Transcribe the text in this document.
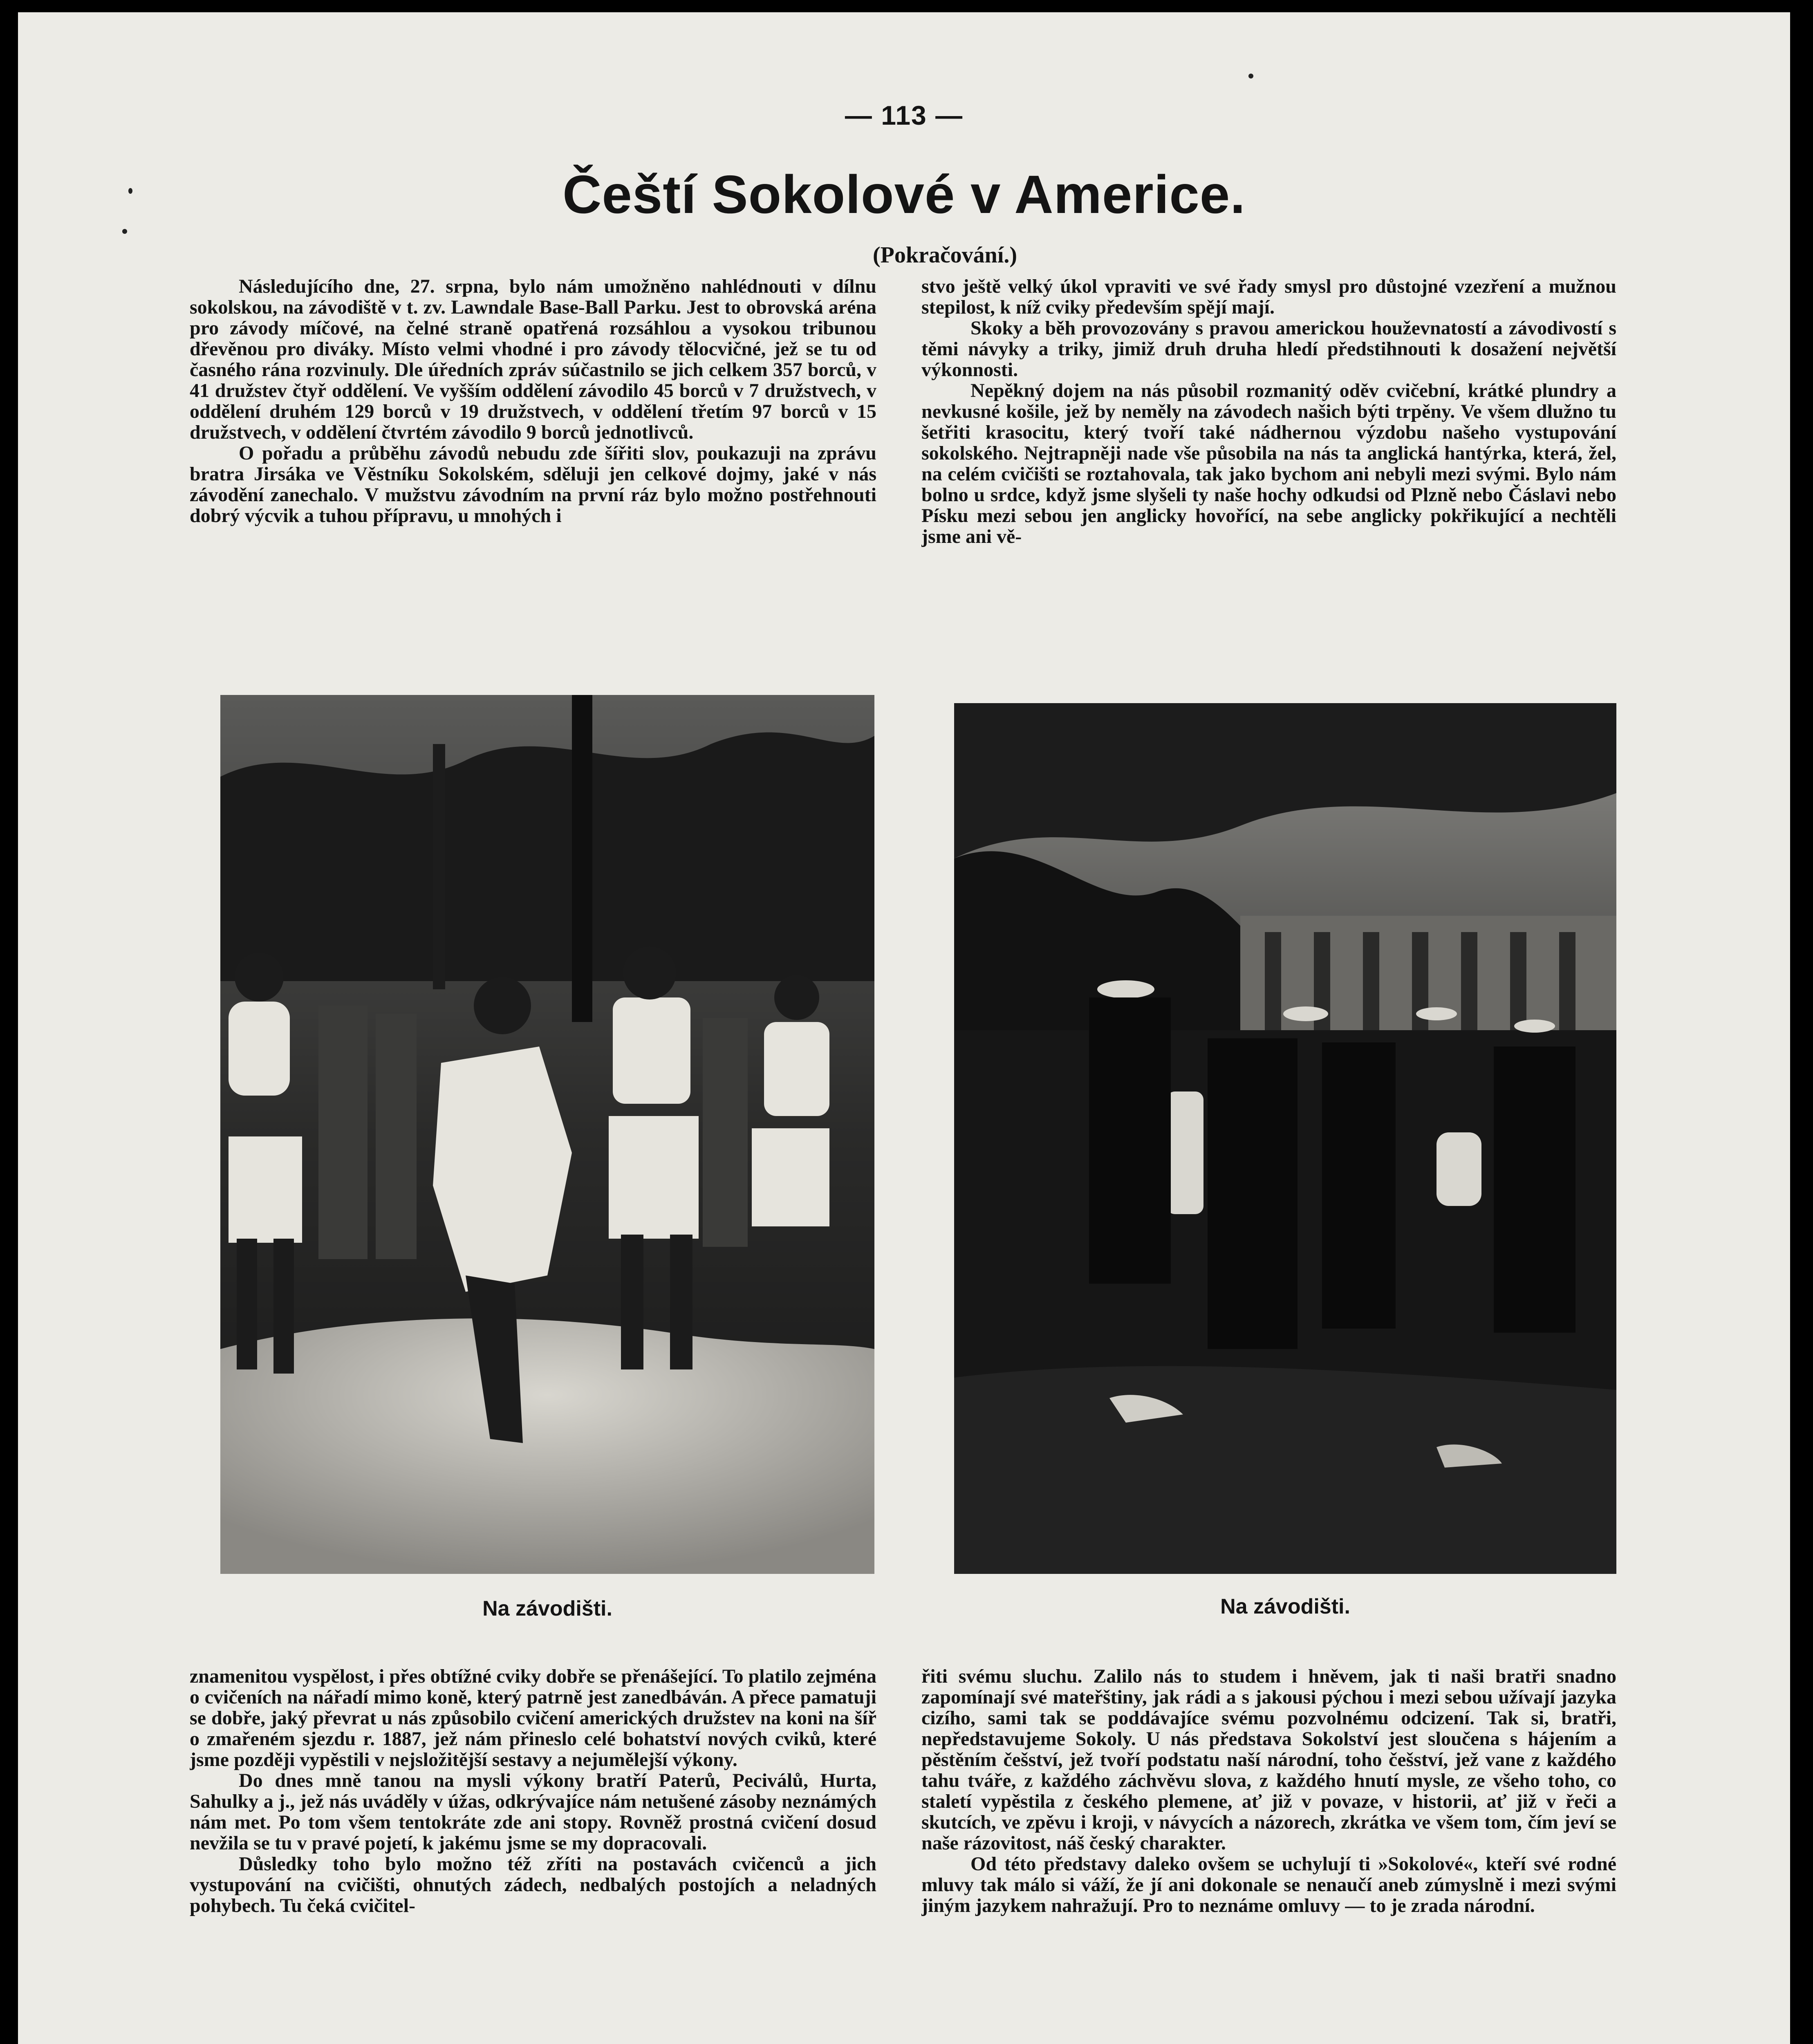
— 113 —
Čeští Sokolové v Americe.
(Pokračování.)

Následujícího dne, 27. srpna, bylo nám umožněno nahlédnouti v dílnu sokolskou, na závodiště v t. zv. Lawndale Base-Ball Parku. Jest to obrovská aréna pro závody míčové, na čelné straně opatřená rozsáhlou a vysokou tribunou dřevěnou pro diváky. Místo velmi vhodné i pro závody tělocvičné, jež se tu od časného rána rozvinuly. Dle úředních zpráv súčastnilo se jich celkem 357 borců, v 41 družstev čtyř oddělení. Ve vyšším oddělení závodilo 45 borců v 7 družstvech, v oddělení druhém 129 borců v 19 družstvech, v oddělení třetím 97 borců v 15 družstvech, v oddělení čtvrtém závodilo 9 borců jednotlivců.

O pořadu a průběhu závodů nebudu zde šířiti slov, poukazuji na zprávu bratra Jirsáka ve Věstníku Sokolském, sděluji jen celkové dojmy, jaké v nás závodění zanechalo. V mužstvu závodním na první ráz bylo možno postřehnouti dobrý výcvik a tuhou přípravu, u mnohých i

stvo ještě velký úkol vpraviti ve své řady smysl pro důstojné vzezření a mužnou stepilost, k níž cviky především spějí mají.

Skoky a běh provozovány s pravou americkou houževnatostí a závodivostí s těmi návyky a triky, jimiž druh druha hledí předstihnouti k dosažení největší výkonnosti.

Nepěkný dojem na nás působil rozmanitý oděv cvičební, krátké plundry a nevkusné košile, jež by neměly na závodech našich býti trpěny. Ve všem dlužno tu šetřiti krasocitu, který tvoří také nádhernou výzdobu našeho vystupování sokolského. Nejtrapněji nade vše působila na nás ta anglická hantýrka, která, žel, na celém cvičišti se roztahovala, tak jako bychom ani nebyli mezi svými. Bylo nám bolno u srdce, když jsme slyšeli ty naše hochy odkudsi od Plzně nebo Čáslavi nebo Písku mezi sebou jen anglicky hovořící, na sebe anglicky pokřikující a nechtěli jsme ani vě-

Na závodišti.	Na závodišti.

znamenitou vyspělost, i přes obtížné cviky dobře se přenášející. To platilo zejména o cvičeních na nářadí mimo koně, který patrně jest zanedbáván. A přece pamatuji se dobře, jaký převrat u nás způsobilo cvičení amerických družstev na koni na šíř o zmařeném sjezdu r. 1887, jež nám přineslo celé bohatství nových cviků, které jsme později vypěstili v nejsložitější sestavy a nejumělejší výkony.

Do dnes mně tanou na mysli výkony bratří Paterů, Peciválů, Hurta, Sahulky a j., jež nás uváděly v úžas, odkrývajíce nám netušené zásoby neznámých nám met. Po tom všem tentokráte zde ani stopy. Rovněž prostná cvičení dosud nevžila se tu v pravé pojetí, k jakému jsme se my dopracovali.

Důsledky toho bylo možno též zříti na postavách cvičenců a jich vystupování na cvičišti, ohnutých zádech, nedbalých postojích a neladných pohybech. Tu čeká cvičitel-

řiti svému sluchu. Zalilo nás to studem i hněvem, jak ti naši bratři snadno zapomínají své mateřštiny, jak rádi a s jakousi pýchou i mezi sebou užívají jazyka cizího, sami tak se poddávajíce svému pozvolnému odcizení. Tak si, bratři, nepředstavujeme Sokoly. U nás představa Sokolství jest sloučena s hájením a pěstěním češství, jež tvoří podstatu naší národní, toho češství, jež vane z každého tahu tváře, z každého záchvěvu slova, z každého hnutí mysle, ze všeho toho, co staletí vypěstila z českého plemene, ať již v povaze, v historii, ať již v řeči a skutcích, ve zpěvu i kroji, v návycích a názorech, zkrátka ve všem tom, čím jeví se naše rázovitost, náš český charakter.

Od této představy daleko ovšem se uchylují ti »Sokolové«, kteří své rodné mluvy tak málo si váží, že jí ani dokonale se nenaučí aneb zúmyslně i mezi svými jiným jazykem nahražují. Pro to neznáme omluvy — to je zrada národní.
